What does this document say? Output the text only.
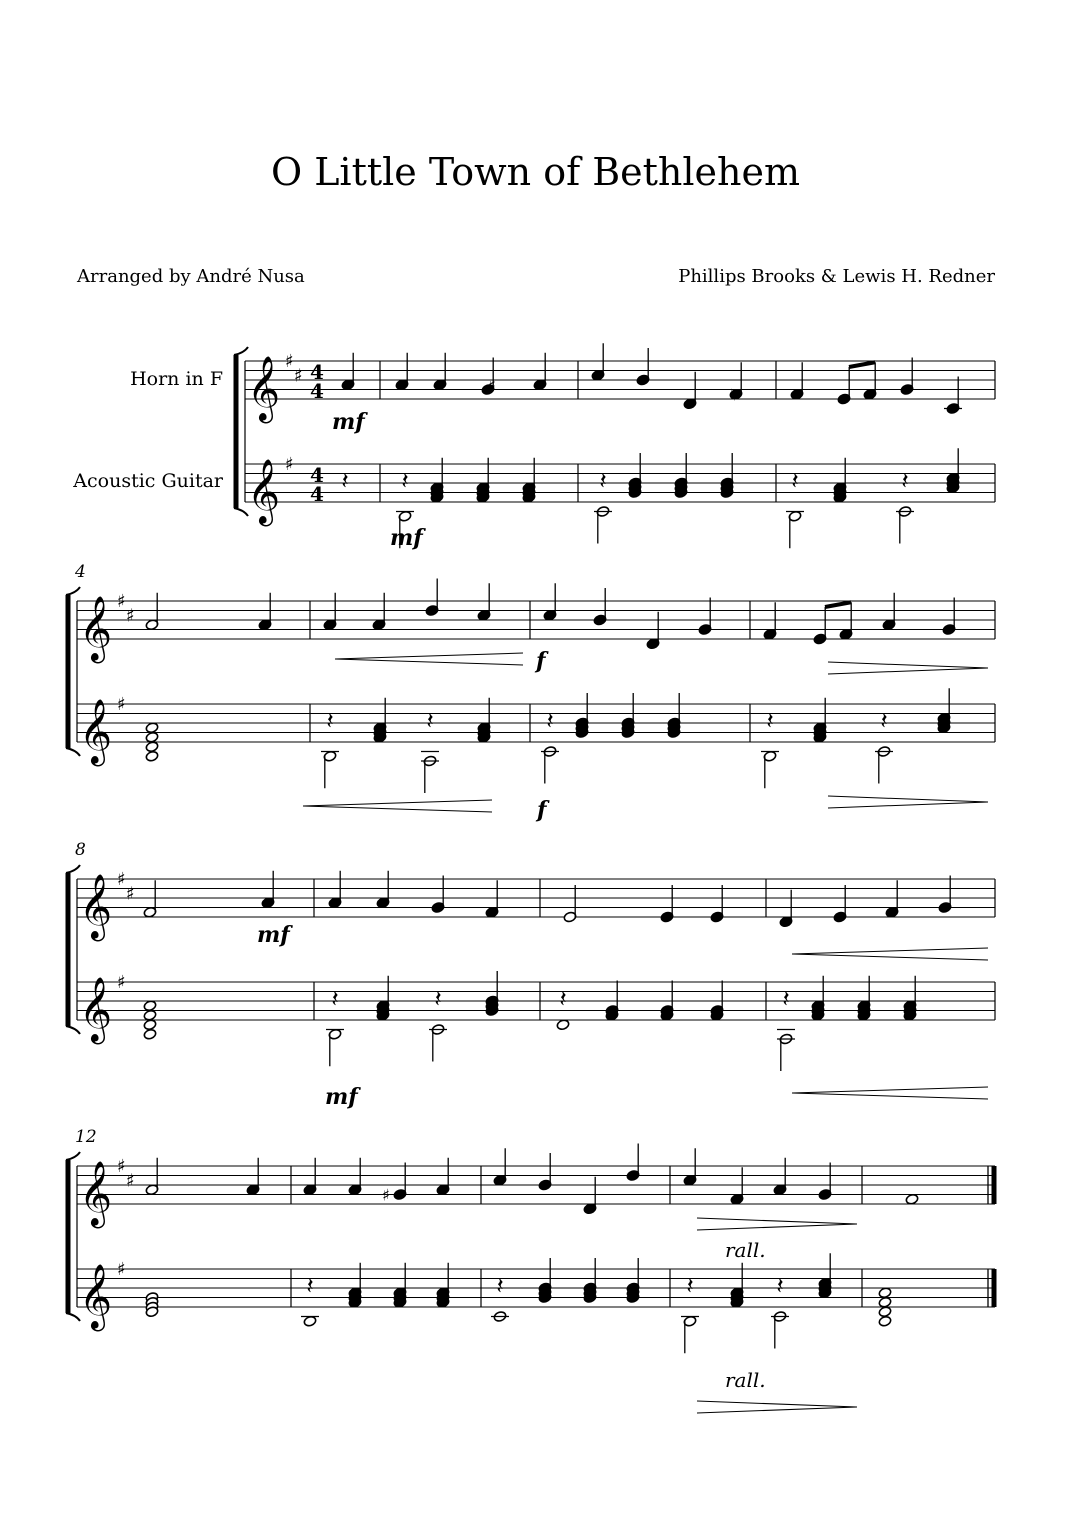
O Little Town of Bethlehem
Arranged by André Nusa	Phillips Brooks & Lewis H. Redner
Horn in F
Acoustic Guitar
𝄞
𝄞
♯
♯
♯
4
4
4
4
𝄞
𝄞
♯
♯
♯
4
𝄞
𝄞
♯
♯
♯
8
𝄞
𝄞
♯
♯
♯
12
♯	♮
♯
𝄽 𝄽	𝄽	𝄽	𝄽
𝄽	𝄽	𝄽	𝄽	𝄽
𝄽	𝄽	𝄽	𝄽
𝄽	𝄽	𝄽	𝄽
mf
mf
f
f
mf
mf
rall.
rall.
